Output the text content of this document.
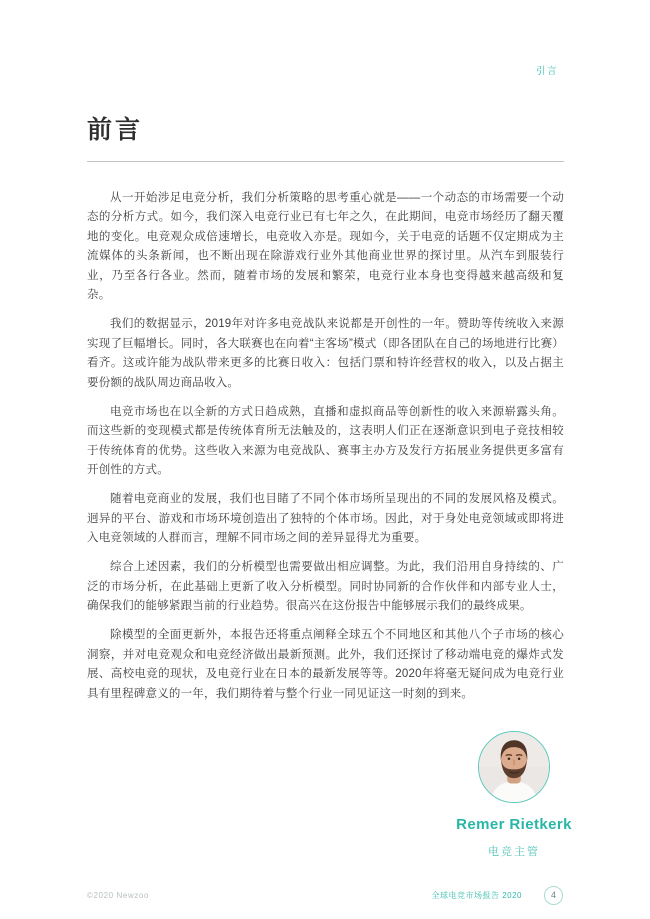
引言
前言

从一开始涉足电竞分析，我们分析策略的思考重心就是——一个动态的市场需要一个动态的分析方式。如今，我们深入电竞行业已有七年之久，在此期间，电竞市场经历了翻天覆地的变化。电竞观众成倍速增长，电竞收入亦是。现如今，关于电竞的话题不仅定期成为主流媒体的头条新闻，也不断出现在除游戏行业外其他商业世界的探讨里。从汽车到服装行业，乃至各行各业。然而，随着市场的发展和繁荣，电竞行业本身也变得越来越高级和复杂。

我们的数据显示，2019年对许多电竞战队来说都是开创性的一年。赞助等传统收入来源实现了巨幅增长。同时，各大联赛也在向着“主客场”模式（即各团队在自己的场地进行比赛）看齐。这或许能为战队带来更多的比赛日收入：包括门票和特许经营权的收入，以及占据主要份额的战队周边商品收入。

电竞市场也在以全新的方式日趋成熟，直播和虚拟商品等创新性的收入来源崭露头角。而这些新的变现模式都是传统体育所无法触及的，这表明人们正在逐渐意识到电子竞技相较于传统体育的优势。这些收入来源为电竞战队、赛事主办方及发行方拓展业务提供更多富有开创性的方式。

随着电竞商业的发展，我们也目睹了不同个体市场所呈现出的不同的发展风格及模式。迥异的平台、游戏和市场环境创造出了独特的个体市场。因此，对于身处电竞领域或即将进入电竞领域的人群而言，理解不同市场之间的差异显得尤为重要。

综合上述因素，我们的分析模型也需要做出相应调整。为此，我们沿用自身持续的、广泛的市场分析，在此基础上更新了收入分析模型。同时协同新的合作伙伴和内部专业人士，确保我们的能够紧跟当前的行业趋势。很高兴在这份报告中能够展示我们的最终成果。

除模型的全面更新外，本报告还将重点阐释全球五个不同地区和其他八个子市场的核心洞察，并对电竞观众和电竞经济做出最新预测。此外，我们还探讨了移动端电竞的爆炸式发展、高校电竞的现状，及电竞行业在日本的最新发展等等。2020年将毫无疑问成为电竞行业具有里程碑意义的一年，我们期待着与整个行业一同见证这一时刻的到来。

Remer Rietkerk
电竞主管
©2020 Newzoo	全球电竞市场报告 2020	4
